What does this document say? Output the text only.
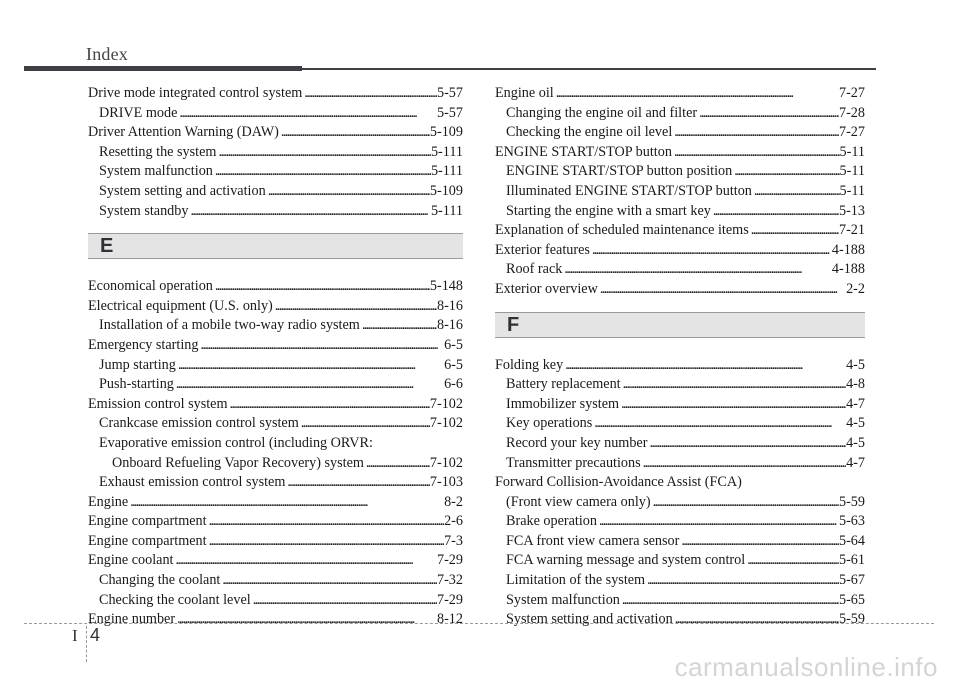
Index
Drive mode integrated control system . . .	5-57
DRIVE mode . . .	5-57
Driver Attention Warning (DAW) . . .	5-109
Resetting the system . . .	5-111
System malfunction . . .	5-111
System setting and activation . . .	5-109
System standby . . .	5-111
E
Economical operation . . .	5-148
Electrical equipment (U.S. only) . . .	8-16
Installation of a mobile two-way radio system . . .	8-16
Emergency starting . . .	6-5
Jump starting . . .	6-5
Push-starting . . .	6-6
Emission control system . . .	7-102
Crankcase emission control system . . .	7-102
Evaporative emission control (including ORVR:
Onboard Refueling Vapor Recovery) system . . .	7-102
Exhaust emission control system . . .	7-103
Engine . . .	8-2
Engine compartment . . .	2-6
Engine compartment . . .	7-3
Engine coolant . . .	7-29
Changing the coolant . . .	7-32
Checking the coolant level . . .	7-29
Engine number . . .	8-12
Engine oil . . .	7-27
Changing the engine oil and filter . . .	7-28
Checking the engine oil level . . .	7-27
ENGINE START/STOP button . . .	5-11
ENGINE START/STOP button position . . .	5-11
Illuminated ENGINE START/STOP button . . .	5-11
Starting the engine with a smart key . . .	5-13
Explanation of scheduled maintenance items . . .	7-21
Exterior features . . .	4-188
Roof rack . . .	4-188
Exterior overview . . .	2-2
F
Folding key . . .	4-5
Battery replacement . . .	4-8
Immobilizer system . . .	4-7
Key operations . . .	4-5
Record your key number . . .	4-5
Transmitter precautions . . .	4-7
Forward Collision-Avoidance Assist (FCA)
(Front view camera only) . . .	5-59
Brake operation . . .	5-63
FCA front view camera sensor . . .	5-64
FCA warning message and system control . . .	5-61
Limitation of the system . . .	5-67
System malfunction . . .	5-65
System setting and activation . . .	5-59
I 4
carmanualsonline.info
